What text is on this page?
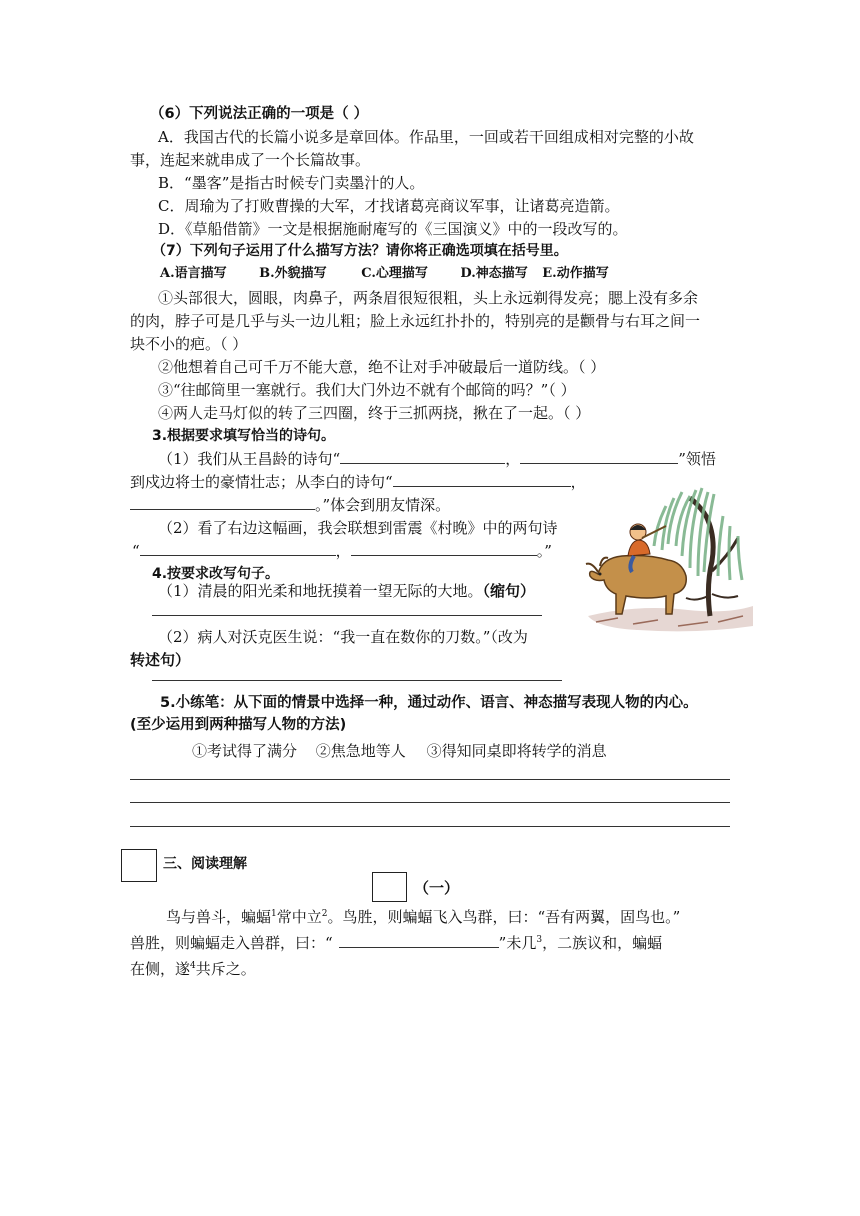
（6）下列说法正确的一项是（ ）
A．我国古代的长篇小说多是章回体。作品里，一回或若干回组成相对完整的小故
事，连起来就串成了一个长篇故事。
B．“墨客”是指古时候专门卖墨汁的人。
C．周瑜为了打败曹操的大军，才找诸葛亮商议军事，让诸葛亮造箭。
D．《草船借箭》一文是根据施耐庵写的《三国演义》中的一段改写的。
（7）下列句子运用了什么描写方法？请你将正确选项填在括号里。
A.语言描写	B.外貌描写	C.心理描写	D.神态描写 E.动作描写
①头部很大，圆眼，肉鼻子，两条眉很短很粗，头上永远剃得发亮；腮上没有多余
的肉，脖子可是几乎与头一边儿粗；脸上永远红扑扑的，特别亮的是颧骨与右耳之间一
块不小的疤。（ ）
②他想着自己可千万不能大意，绝不让对手冲破最后一道防线。（ ）
③“往邮筒里一塞就行。我们大门外边不就有个邮筒的吗？”（ ）
④两人走马灯似的转了三四圈，终于三抓两挠，揪在了一起。（ ）
3.根据要求填写恰当的诗句。
（1）我们从王昌龄的诗句“	，	”领悟
到戍边将士的豪情壮志；从李白的诗句“	，
。”体会到朋友情深。
（2）看了右边这幅画，我会联想到雷震《村晚》中的两句诗
“	，	。”
4.按要求改写句子。
（1）清晨的阳光柔和地抚摸着一望无际的大地。（缩句）
（2）病人对沃克医生说：“我一直在数你的刀数。”（改为
转述句）
5.小练笔：从下面的情景中选择一种，通过动作、语言、神态描写表现人物的内心。
(至少运用到两种描写人物的方法)
①考试得了满分 ②焦急地等人 ③得知同桌即将转学的消息
三、阅读理解
（一）
鸟与兽斗，蝙蝠$^1$常中立$^2$。鸟胜，则蝙蝠飞入鸟群，曰：“吾有两翼，固鸟也。”
兽胜，则蝙蝠走入兽群，曰：“	”未几$^3$，二族议和，蝙蝠
在侧，遂$^4$共斥之。
